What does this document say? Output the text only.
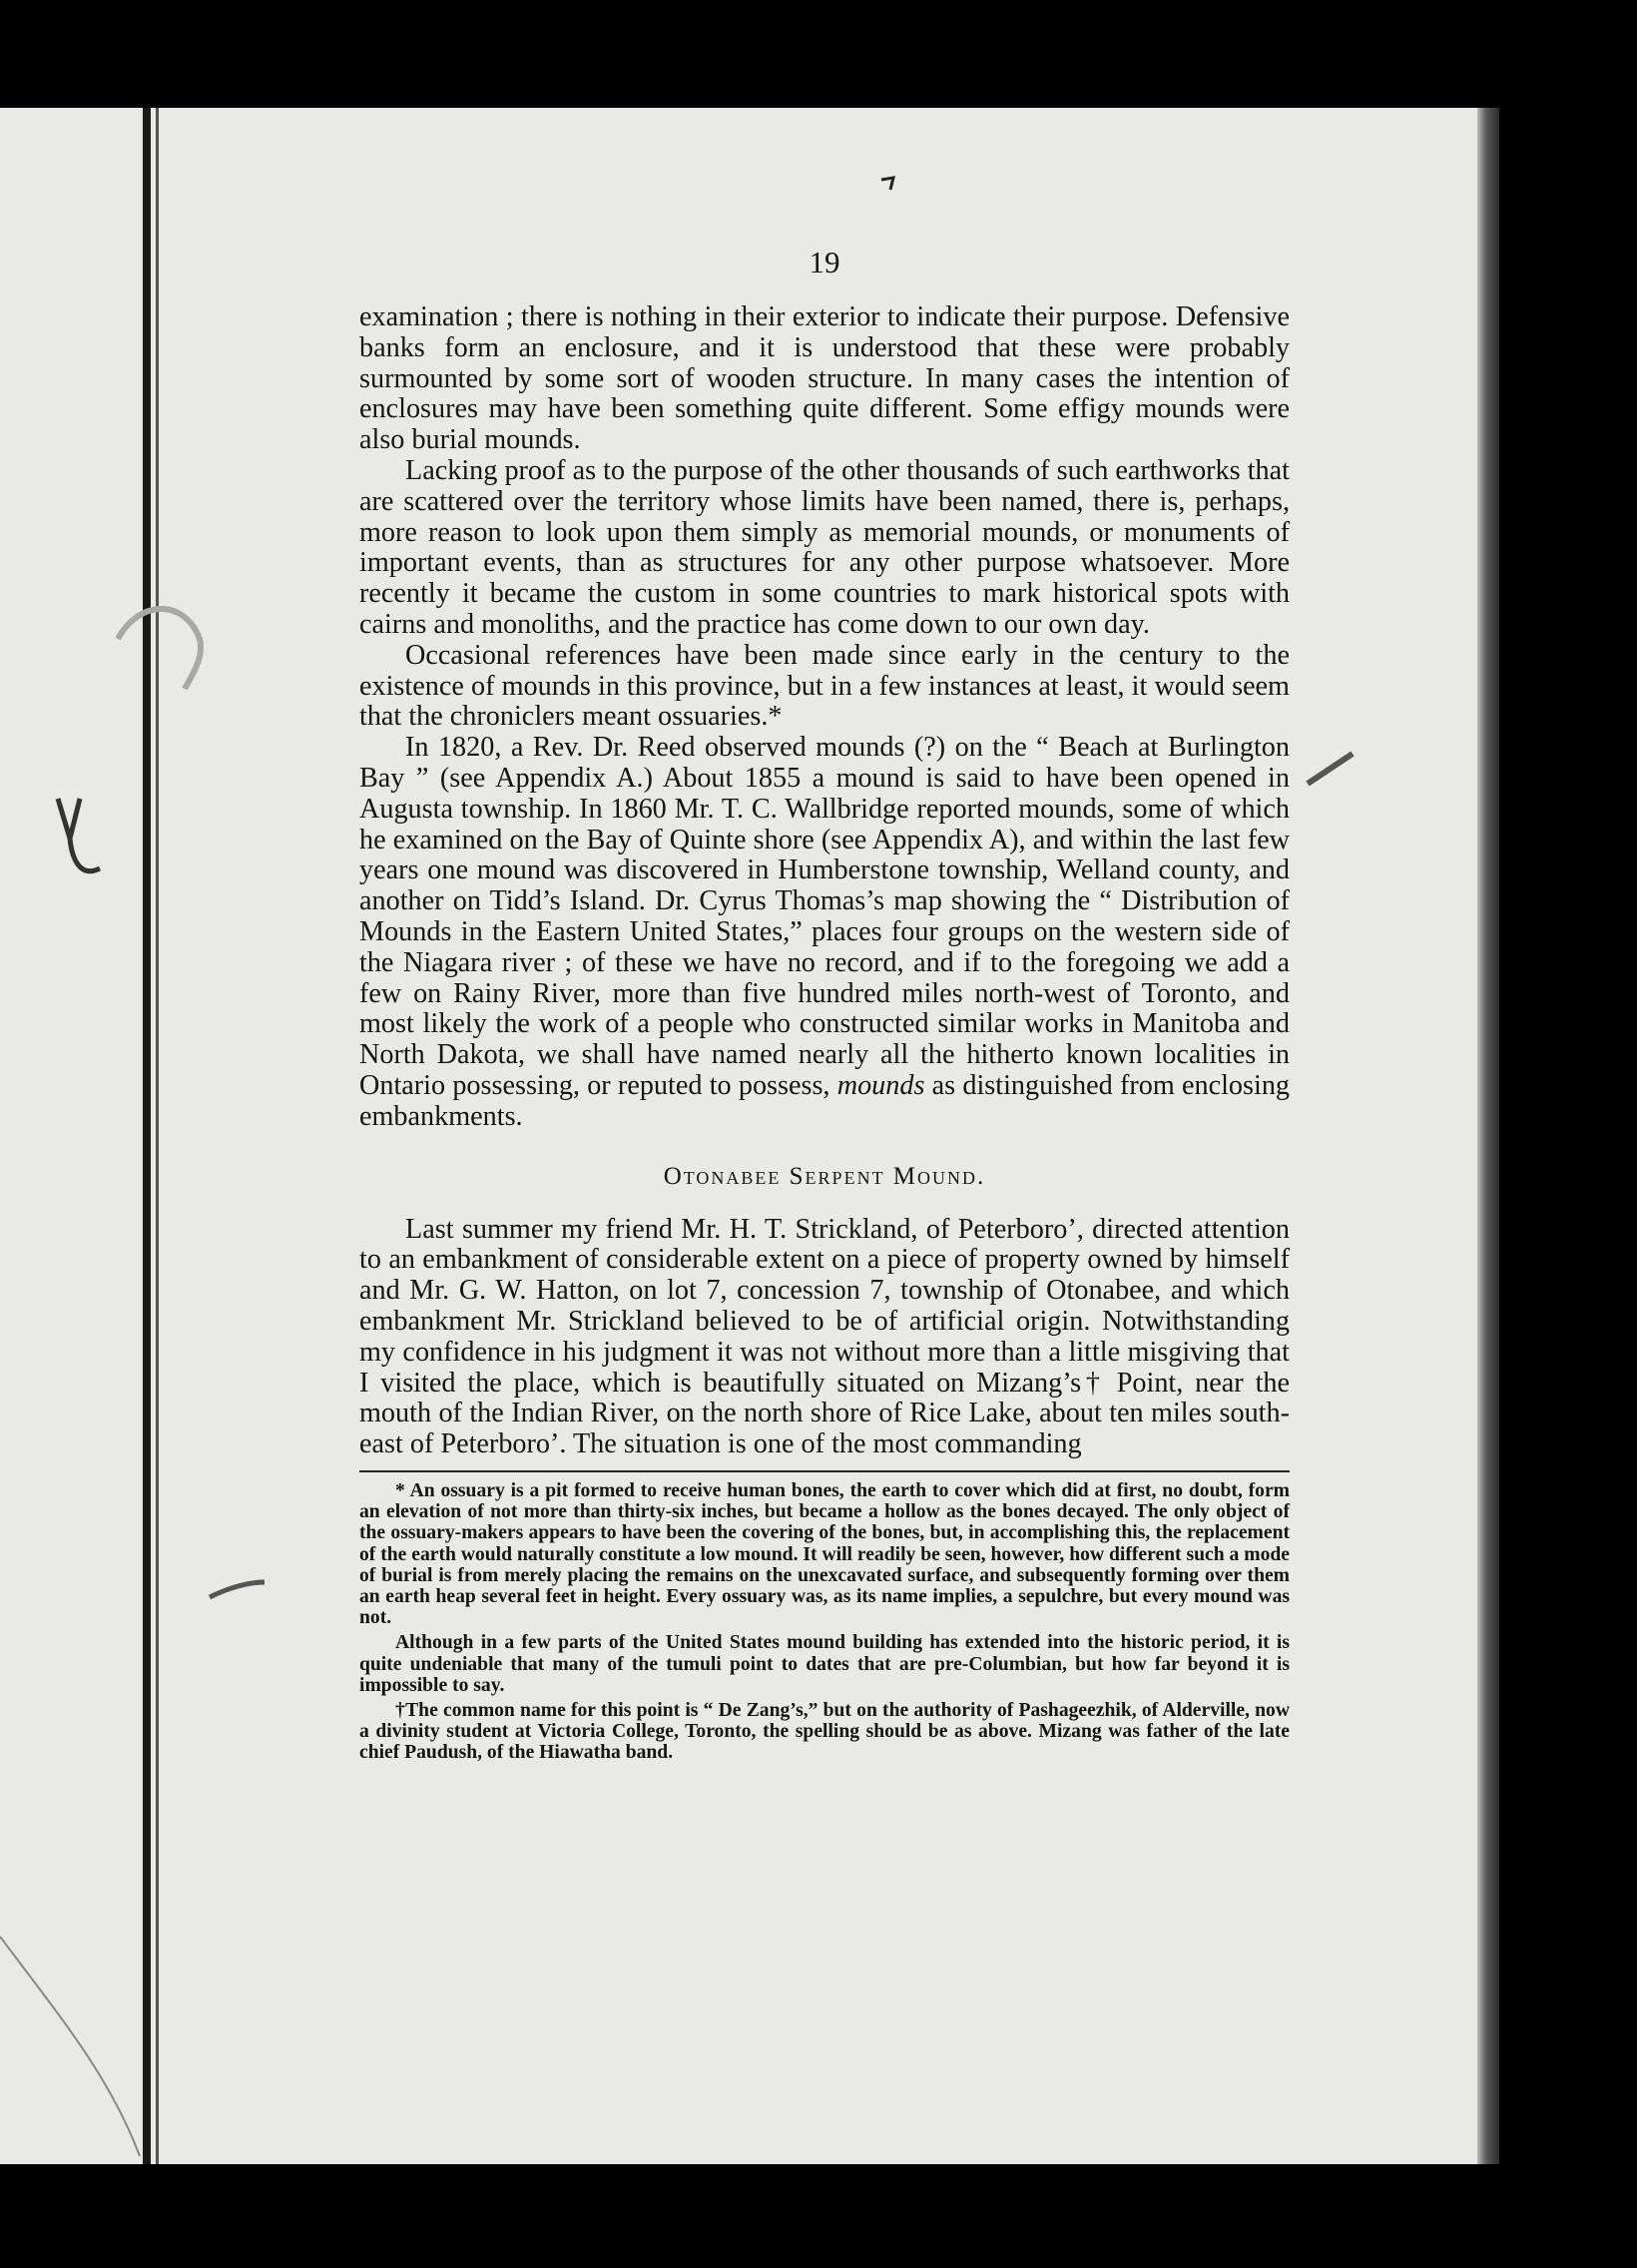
19

examination ; there is nothing in their exterior to indicate their purpose. Defensive banks form an enclosure, and it is understood that these were probably surmounted by some sort of wooden structure. In many cases the intention of enclosures may have been something quite different. Some effigy mounds were also burial mounds.

Lacking proof as to the purpose of the other thousands of such earthworks that are scattered over the territory whose limits have been named, there is, perhaps, more reason to look upon them simply as memorial mounds, or monuments of important events, than as structures for any other purpose whatsoever. More recently it became the custom in some countries to mark historical spots with cairns and monoliths, and the practice has come down to our own day.

Occasional references have been made since early in the century to the existence of mounds in this province, but in a few instances at least, it would seem that the chroniclers meant ossuaries.*

In 1820, a Rev. Dr. Reed observed mounds (?) on the “ Beach at Burlington Bay ” (see Appendix A.) About 1855 a mound is said to have been opened in Augusta township. In 1860 Mr. T. C. Wallbridge reported mounds, some of which he examined on the Bay of Quinte shore (see Appendix A), and within the last few years one mound was discovered in Humberstone township, Welland county, and another on Tidd’s Island. Dr. Cyrus Thomas’s map showing the “ Distribution of Mounds in the Eastern United States,” places four groups on the western side of the Niagara river ; of these we have no record, and if to the foregoing we add a few on Rainy River, more than five hundred miles north-west of Toronto, and most likely the work of a people who constructed similar works in Manitoba and North Dakota, we shall have named nearly all the hitherto known localities in Ontario possessing, or reputed to possess, mounds as distinguished from enclosing embankments.

Otonabee Serpent Mound.

Last summer my friend Mr. H. T. Strickland, of Peterboro’, directed attention to an embankment of considerable extent on a piece of property owned by himself and Mr. G. W. Hatton, on lot 7, concession 7, township of Otonabee, and which embankment Mr. Strickland believed to be of artificial origin. Notwithstanding my confidence in his judgment it was not without more than a little misgiving that I visited the place, which is beautifully situated on Mizang’s† Point, near the mouth of the Indian River, on the north shore of Rice Lake, about ten miles south-east of Peterboro’. The situation is one of the most commanding

* An ossuary is a pit formed to receive human bones, the earth to cover which did at first, no doubt, form an elevation of not more than thirty-six inches, but became a hollow as the bones decayed. The only object of the ossuary-makers appears to have been the covering of the bones, but, in accomplishing this, the replacement of the earth would naturally constitute a low mound. It will readily be seen, however, how different such a mode of burial is from merely placing the remains on the unexcavated surface, and subsequently forming over them an earth heap several feet in height. Every ossuary was, as its name implies, a sepulchre, but every mound was not.

Although in a few parts of the United States mound building has extended into the historic period, it is quite undeniable that many of the tumuli point to dates that are pre-Columbian, but how far beyond it is impossible to say.

†The common name for this point is “ De Zang’s,” but on the authority of Pashageezhik, of Alderville, now a divinity student at Victoria College, Toronto, the spelling should be as above. Mizang was father of the late chief Paudush, of the Hiawatha band.
